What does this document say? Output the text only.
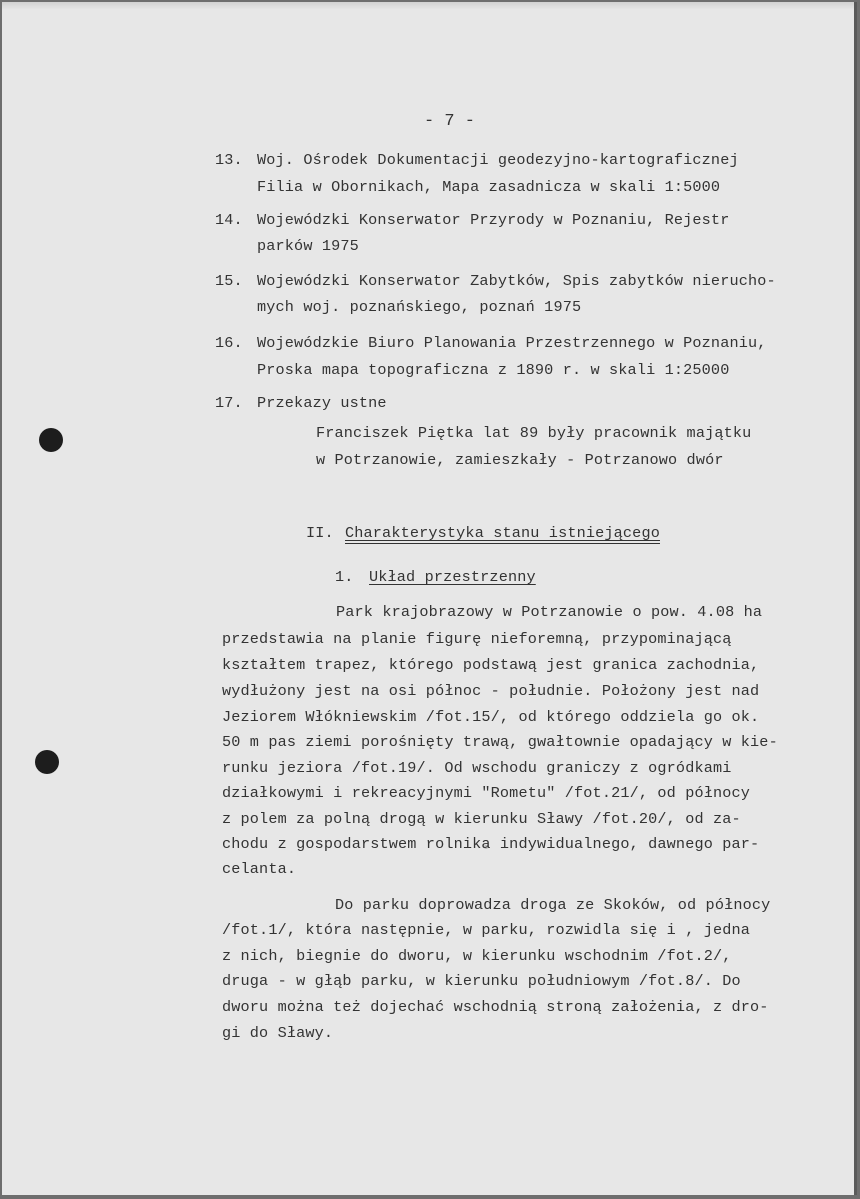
- 7 -
13. Woj. Ośrodek Dokumentacji geodezyjno-kartograficznej
Filia w Obornikach, Mapa zasadnicza w skali 1:5000
14. Wojewódzki Konserwator Przyrody w Poznaniu, Rejestr
parków 1975
15. Wojewódzki Konserwator Zabytków, Spis zabytków nierucho-
mych woj. poznańskiego, poznań 1975
16. Wojewódzkie Biuro Planowania Przestrzennego w Poznaniu,
Proska mapa topograficzna z 1890 r. w skali 1:25000
17. Przekazy ustne
Franciszek Piętka lat 89 były pracownik majątku
w Potrzanowie, zamieszkały - Potrzanowo dwór
II. Charakterystyka stanu istniejącego
1. Układ przestrzenny
Park krajobrazowy w Potrzanowie o pow. 4.08 ha
przedstawia na planie figurę nieforemną, przypominającą
kształtem trapez, którego podstawą jest granica zachodnia,
wydłużony jest na osi północ - południe. Położony jest nad
Jeziorem Włókniewskim /fot.15/, od którego oddziela go ok.
50 m pas ziemi porośnięty trawą, gwałtownie opadający w kie-
runku jeziora /fot.19/. Od wschodu graniczy z ogródkami
działkowymi i rekreacyjnymi "Rometu" /fot.21/, od północy
z polem za polną drogą w kierunku Sławy /fot.20/, od za-
chodu z gospodarstwem rolnika indywidualnego, dawnego par-
celanta.
Do parku doprowadza droga ze Skoków, od północy
/fot.1/, która następnie, w parku, rozwidla się i , jedna
z nich, biegnie do dworu, w kierunku wschodnim /fot.2/,
druga - w głąb parku, w kierunku południowym /fot.8/. Do
dworu można też dojechać wschodnią stroną założenia, z dro-
gi do Sławy.
